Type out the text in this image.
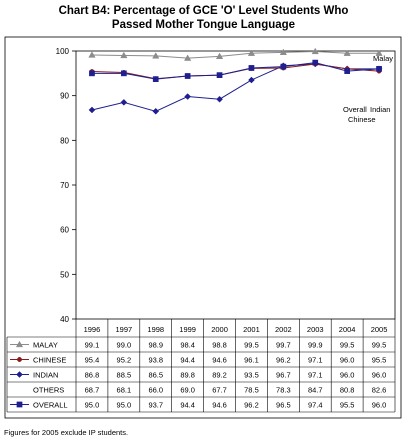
Chart B4: Percentage of GCE 'O' Level Students Who
Passed Mother Tongue Language
40
50
60
70
80
90
100
Malay
Overall Indian
Chinese
1996 1997 1998 1999 2000 2001 2002 2003 2004 2005
MALAY	99.1 99.0 98.9 98.4 98.8 99.5 99.7 99.9 99.5 99.5
CHINESE 95.4 95.2 93.8 94.4 94.6 96.1 96.2 97.1 96.0 95.5
INDIAN	86.8 88.5 86.5 89.8 89.2 93.5 96.7 97.1 96.0 96.0
OTHERS	68.7 68.1 66.0 69.0 67.7 78.5 78.3 84.7 80.8 82.6
OVERALL 95.0 95.0 93.7 94.4 94.6 96.2 96.5 97.4 95.5 96.0
Figures for 2005 exclude IP students.
